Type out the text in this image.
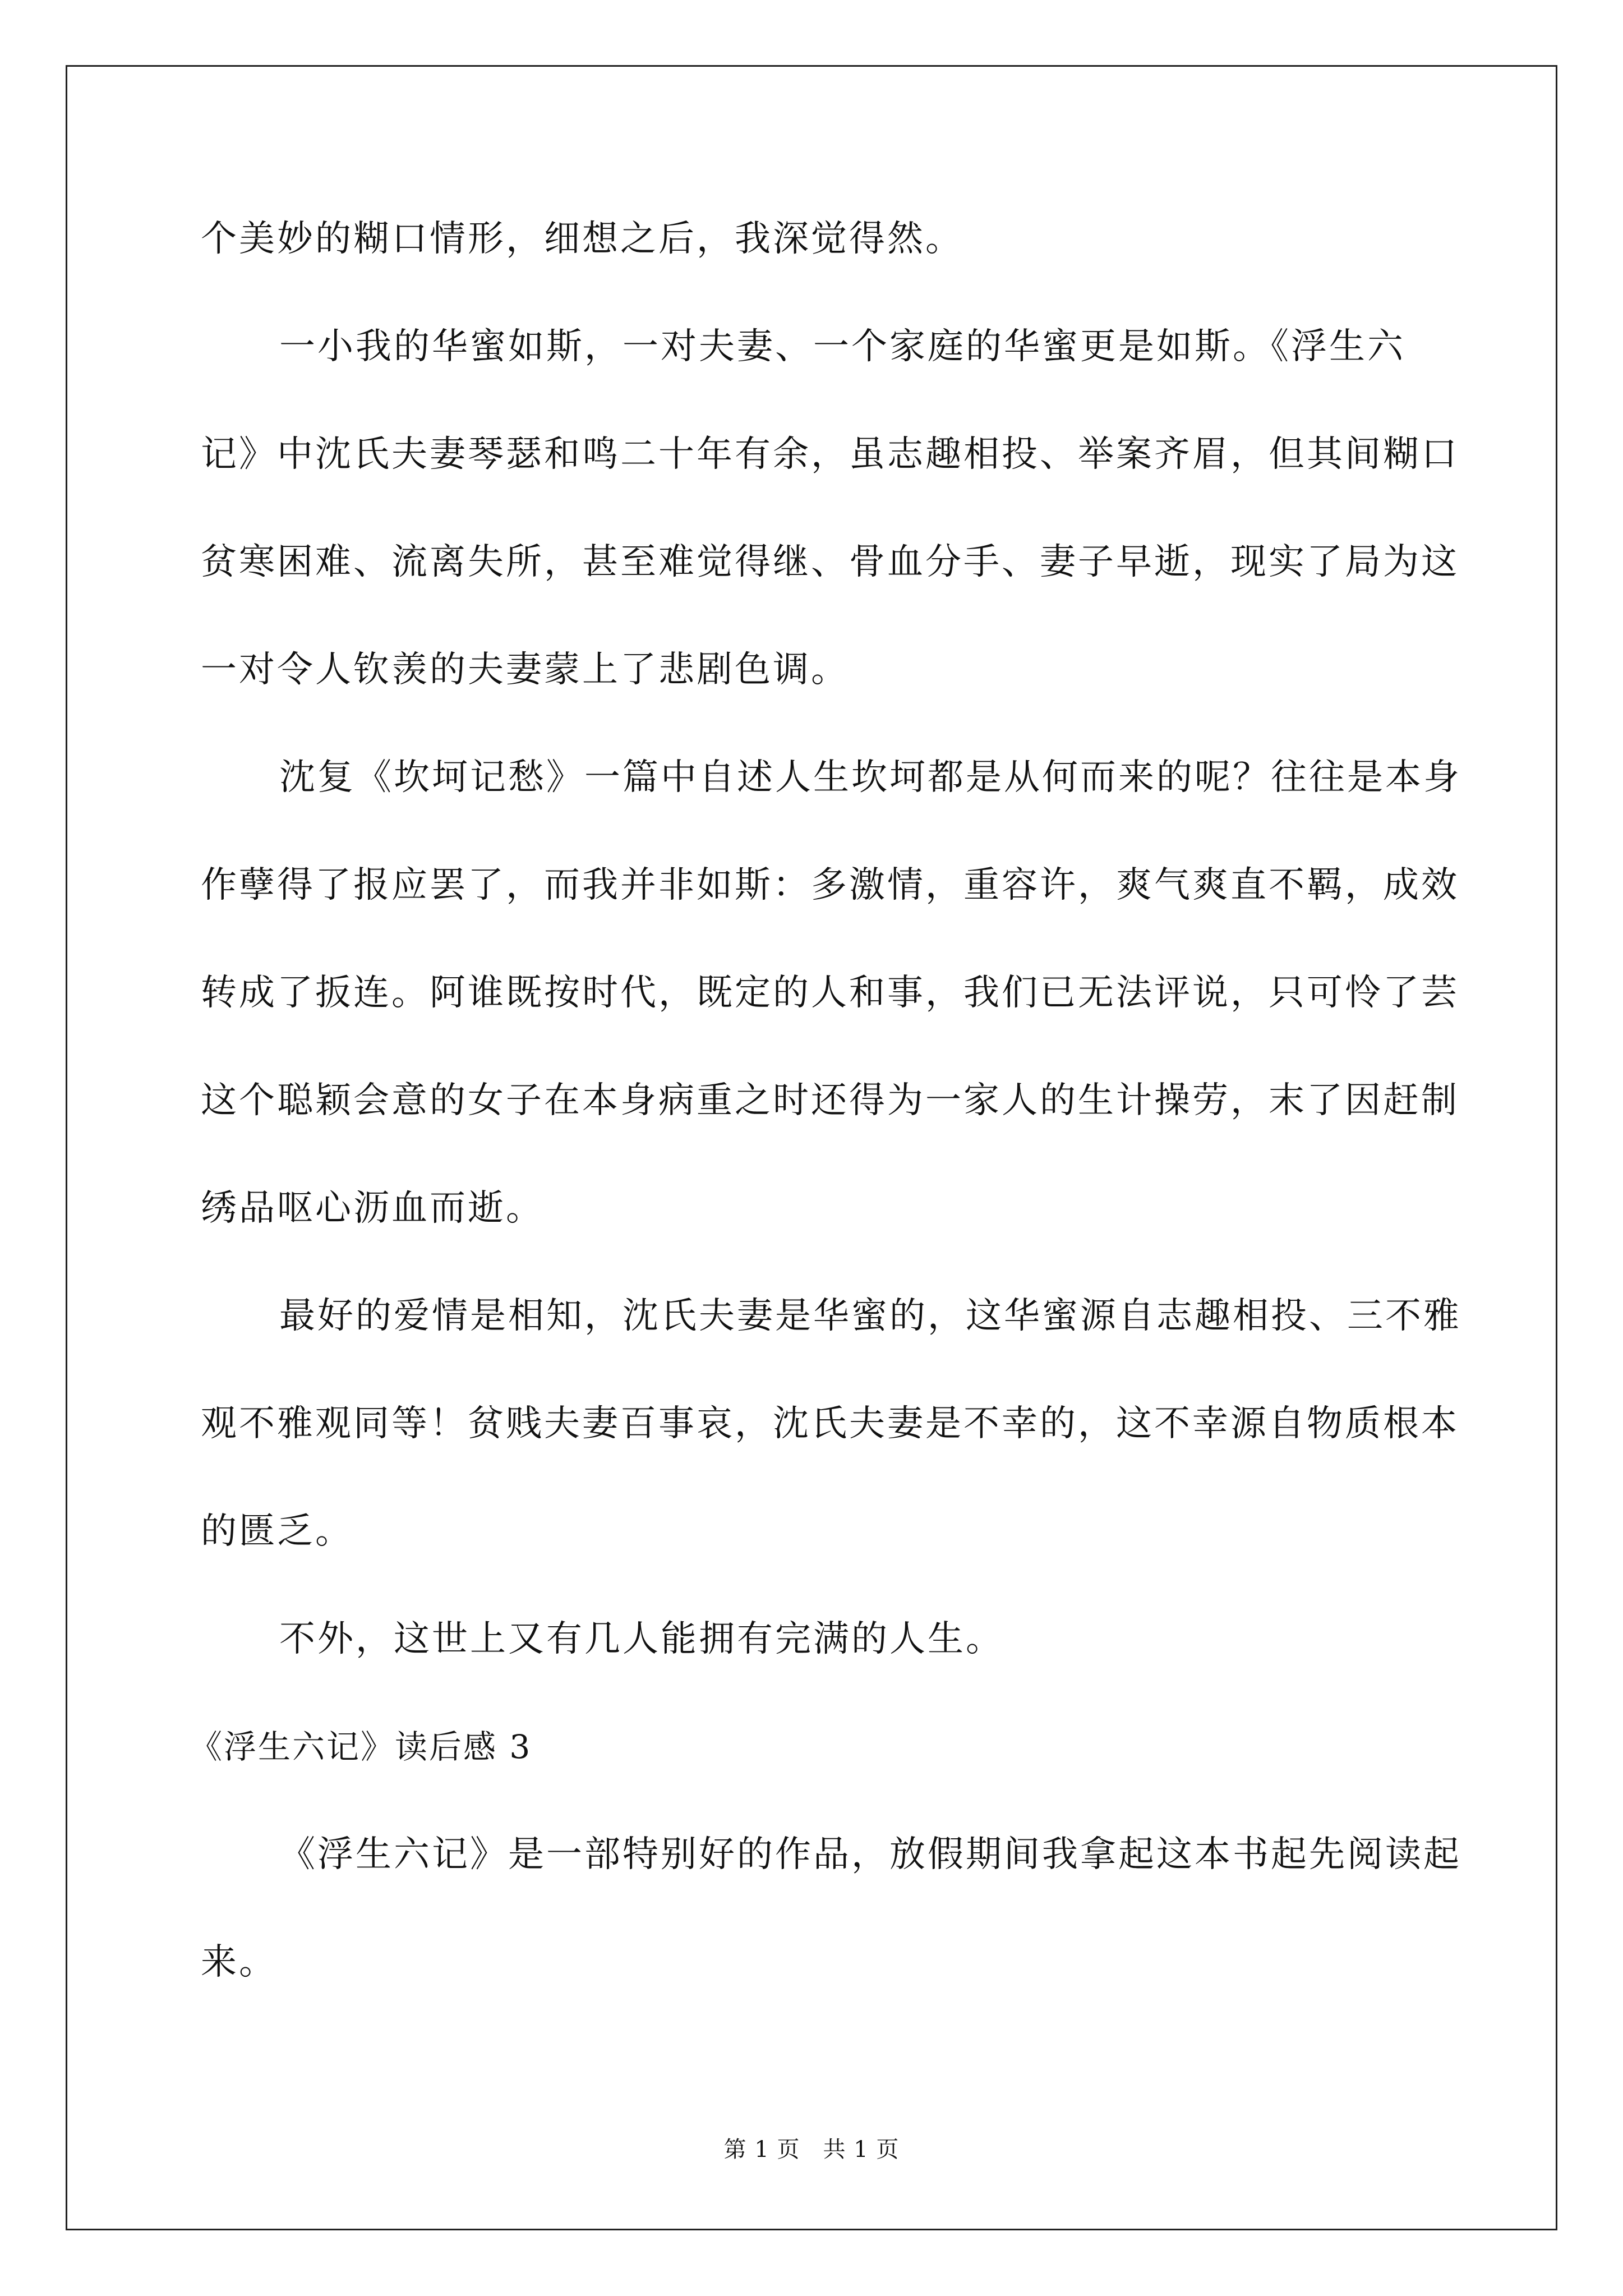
个美妙的糊口情形，细想之后，我深觉得然。

一小我的华蜜如斯，一对夫妻、一个家庭的华蜜更是如斯。《浮生六记》中沈氏夫妻琴瑟和鸣二十年有余，虽志趣相投、举案齐眉，但其间糊口贫寒困难、流离失所，甚至难觉得继、骨血分手、妻子早逝，现实了局为这一对令人钦羡的夫妻蒙上了悲剧色调。

沈复《坎坷记愁》一篇中自述人生坎坷都是从何而来的呢？往往是本身作孽得了报应罢了，而我并非如斯：多激情，重容许，爽气爽直不羁，成效转成了扳连。阿谁既按时代，既定的人和事，我们已无法评说，只可怜了芸这个聪颖会意的女子在本身病重之时还得为一家人的生计操劳，末了因赶制绣品呕心沥血而逝。

最好的爱情是相知，沈氏夫妻是华蜜的，这华蜜源自志趣相投、三不雅观不雅观同等！贫贱夫妻百事哀，沈氏夫妻是不幸的，这不幸源自物质根本的匮乏。

不外，这世上又有几人能拥有完满的人生。

《浮生六记》读后感 3

《浮生六记》是一部特别好的作品，放假期间我拿起这本书起先阅读起来。

第 1 页　共 1 页
